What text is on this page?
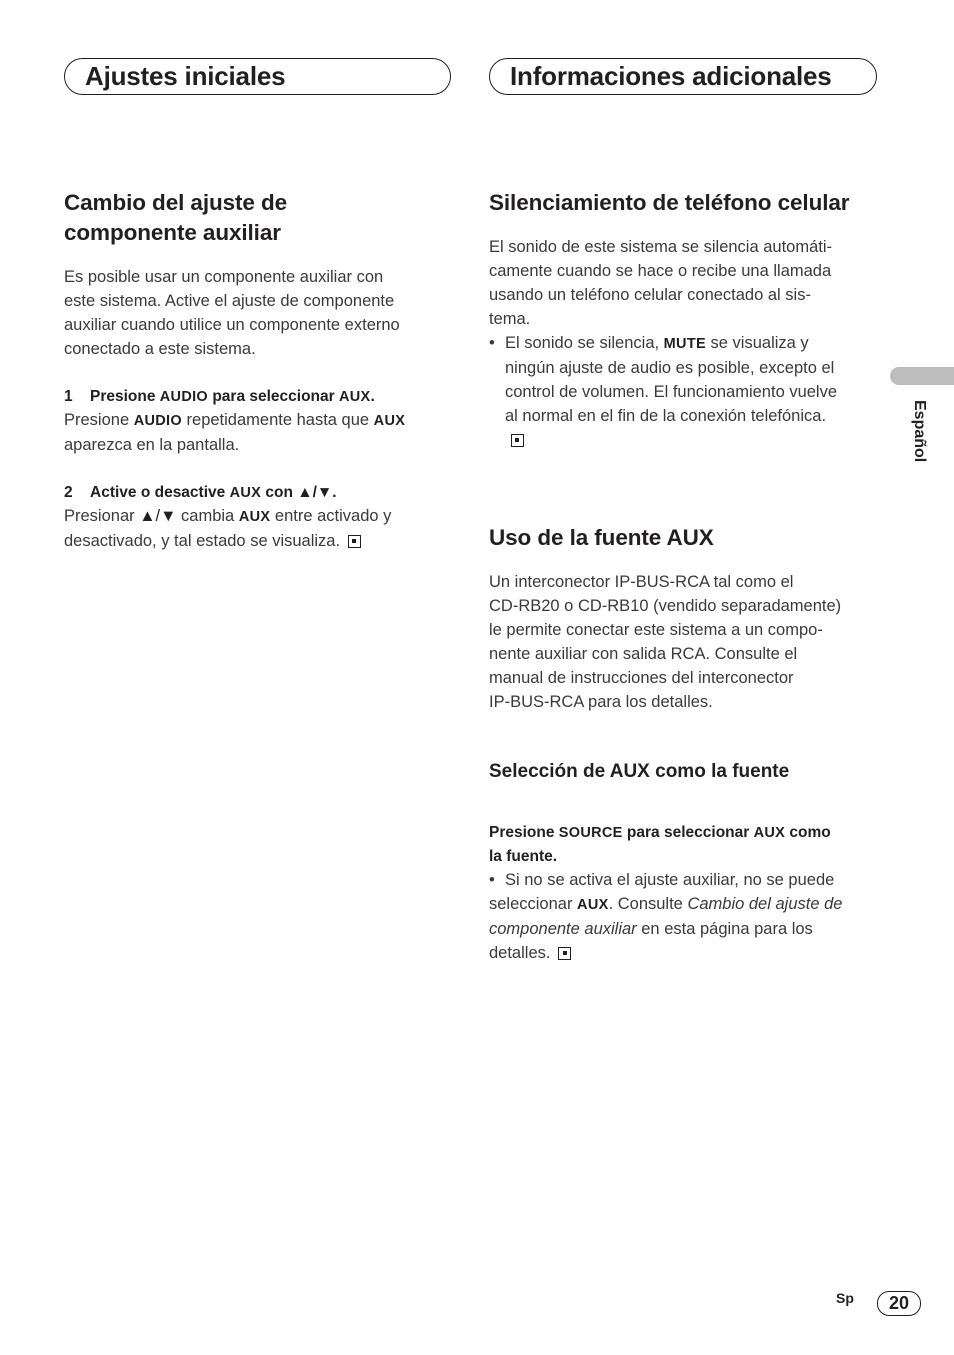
Ajustes iniciales	Informaciones adicionales
Cambio del ajuste de
componente auxiliar
Es posible usar un componente auxiliar con
este sistema. Active el ajuste de componente
auxiliar cuando utilice un componente externo
conectado a este sistema.
1 Presione AUDIO para seleccionar AUX.
Presione AUDIO repetidamente hasta que AUX
aparezca en la pantalla.
2 Active o desactive AUX con ▲/▼.
Presionar ▲/▼ cambia AUX entre activado y
desactivado, y tal estado se visualiza.
Silenciamiento de teléfono celular
El sonido de este sistema se silencia automáti-
camente cuando se hace o recibe una llamada
usando un teléfono celular conectado al sis-
tema.
• El sonido se silencia, MUTE se visualiza y
ningún ajuste de audio es posible, excepto el
control de volumen. El funcionamiento vuelve
al normal en el fin de la conexión telefónica.
Uso de la fuente AUX
Un interconector IP-BUS-RCA tal como el
CD-RB20 o CD-RB10 (vendido separadamente)
le permite conectar este sistema a un compo-
nente auxiliar con salida RCA. Consulte el
manual de instrucciones del interconector
IP-BUS-RCA para los detalles.
Selección de AUX como la fuente
Presione SOURCE para seleccionar AUX como
la fuente.
• Si no se activa el ajuste auxiliar, no se puede
seleccionar AUX. Consulte Cambio del ajuste de
componente auxiliar en esta página para los
detalles.
Español
Sp	20
